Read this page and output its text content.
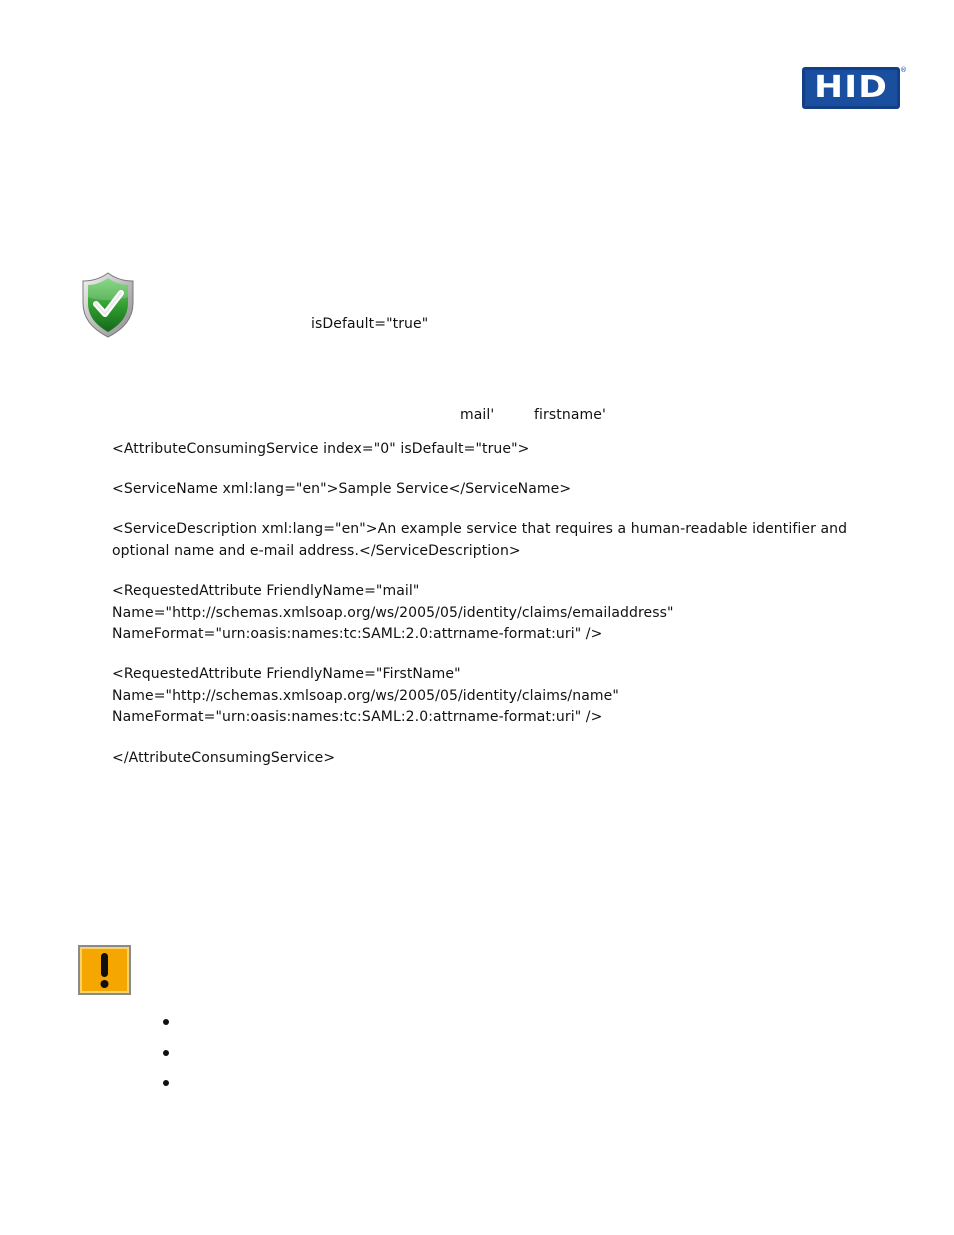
HID ®
isDefault="true"
mail'	firstname'
<AttributeConsumingService index="0" isDefault="true">
<ServiceName xml:lang="en">Sample Service</ServiceName>
<ServiceDescription xml:lang="en">An example service that requires a human-readable identifier and
optional name and e-mail address.</ServiceDescription>
<RequestedAttribute FriendlyName="mail"
Name="http://schemas.xmlsoap.org/ws/2005/05/identity/claims/emailaddress"
NameFormat="urn:oasis:names:tc:SAML:2.0:attrname-format:uri" />
<RequestedAttribute FriendlyName="FirstName"
Name="http://schemas.xmlsoap.org/ws/2005/05/identity/claims/name"
NameFormat="urn:oasis:names:tc:SAML:2.0:attrname-format:uri" />
</AttributeConsumingService>
